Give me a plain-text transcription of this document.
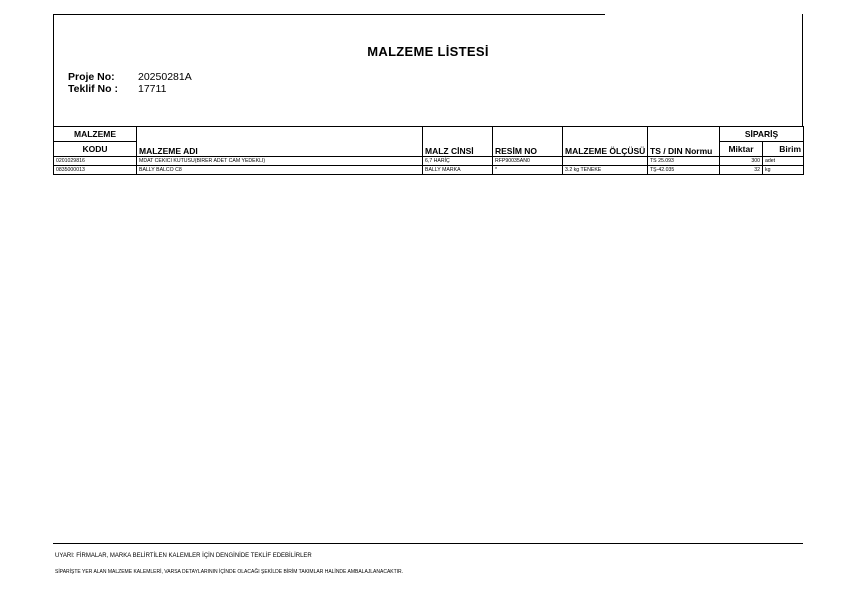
MALZEME LİSTESİ
Proje No:	20250281A
Teklif No :	17711
MALZEME	MALZEME ADI	MALZ CİNSİ	RESİM NO	MALZEME ÖLÇÜSÜ	TS / DIN Normu	SİPARİŞ	
KODU						Miktar	Birim
0201029816	MDAT CEKICI KUTUSU(BIRER ADET CAM YEDEKLI)	6,7 HARİÇ	RFP90035AN0		TS 25.093	300	adet
0835000013	BALLY BALCO C8	BALLY MARKA	*	3.2 kg TENEKE	TŞ-42.035	32	kg
UYARI: FİRMALAR, MARKA BELİRTİLEN KALEMLER İÇİN DENGİNİDE TEKLİF EDEBİLİRLER
SİPARİŞTE YER ALAN MALZEME KALEMLERİ, VARSA DETAYLARININ İÇİNDE OLACAĞI ŞEKİLDE BİRİM TAKIMLAR HALİNDE AMBALAJLANACAKTIR.
